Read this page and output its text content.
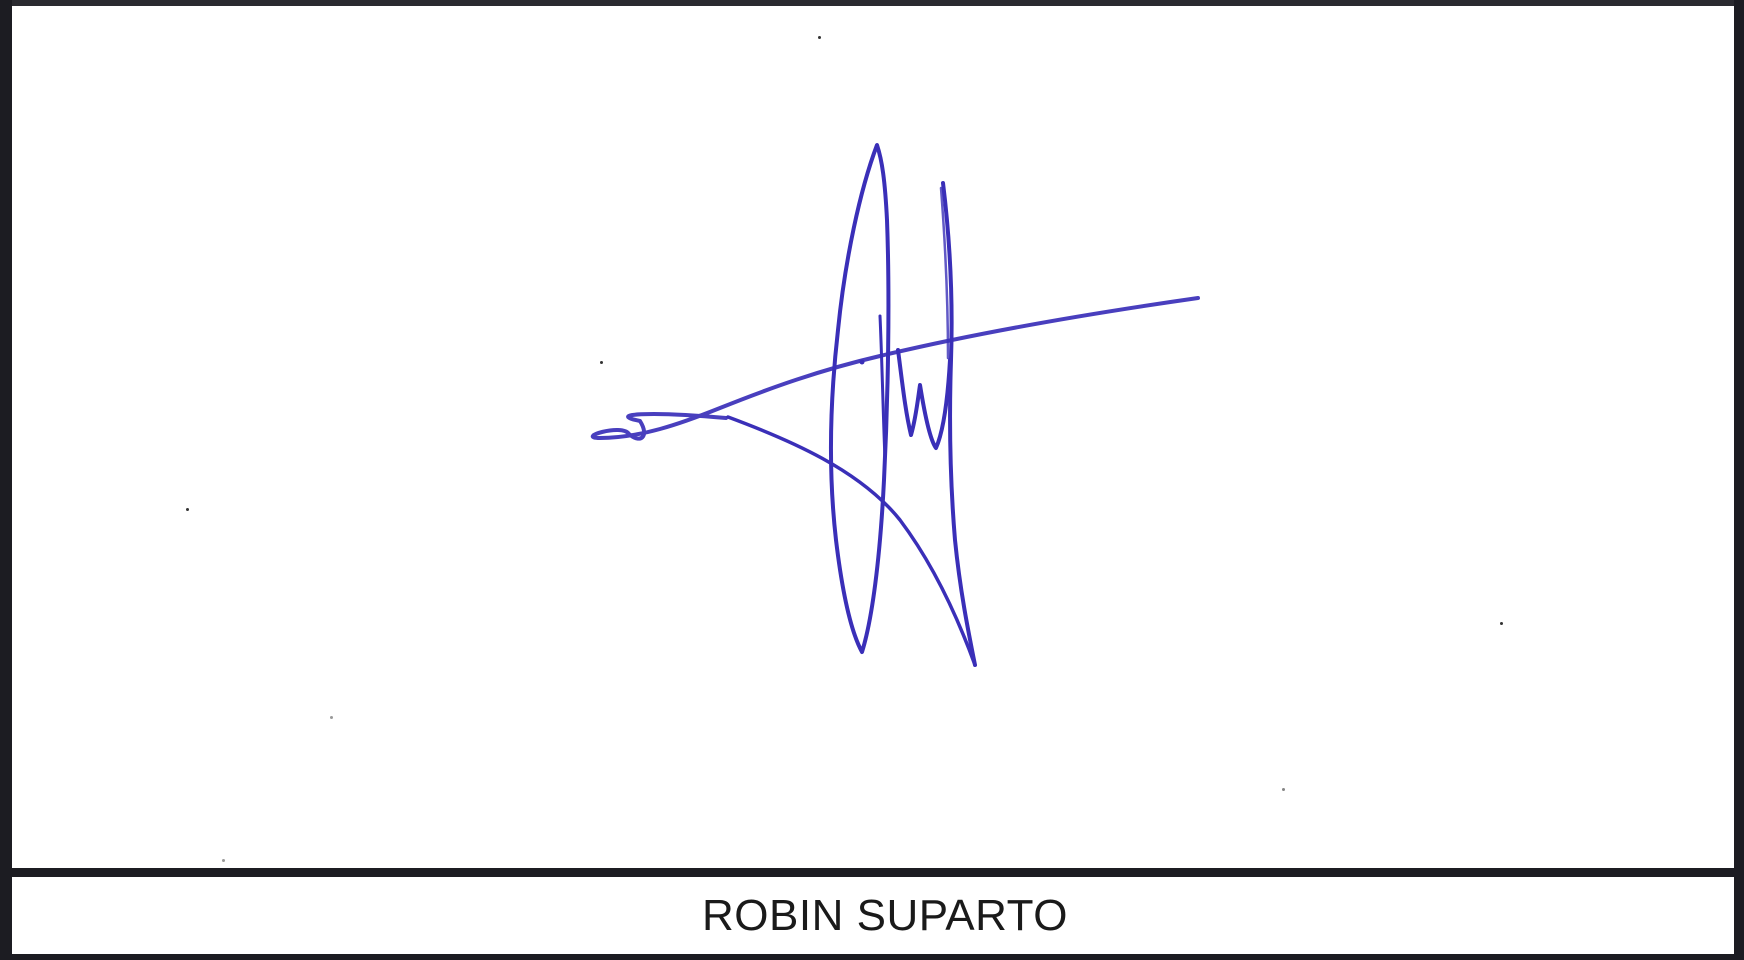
ROBIN SUPARTO
